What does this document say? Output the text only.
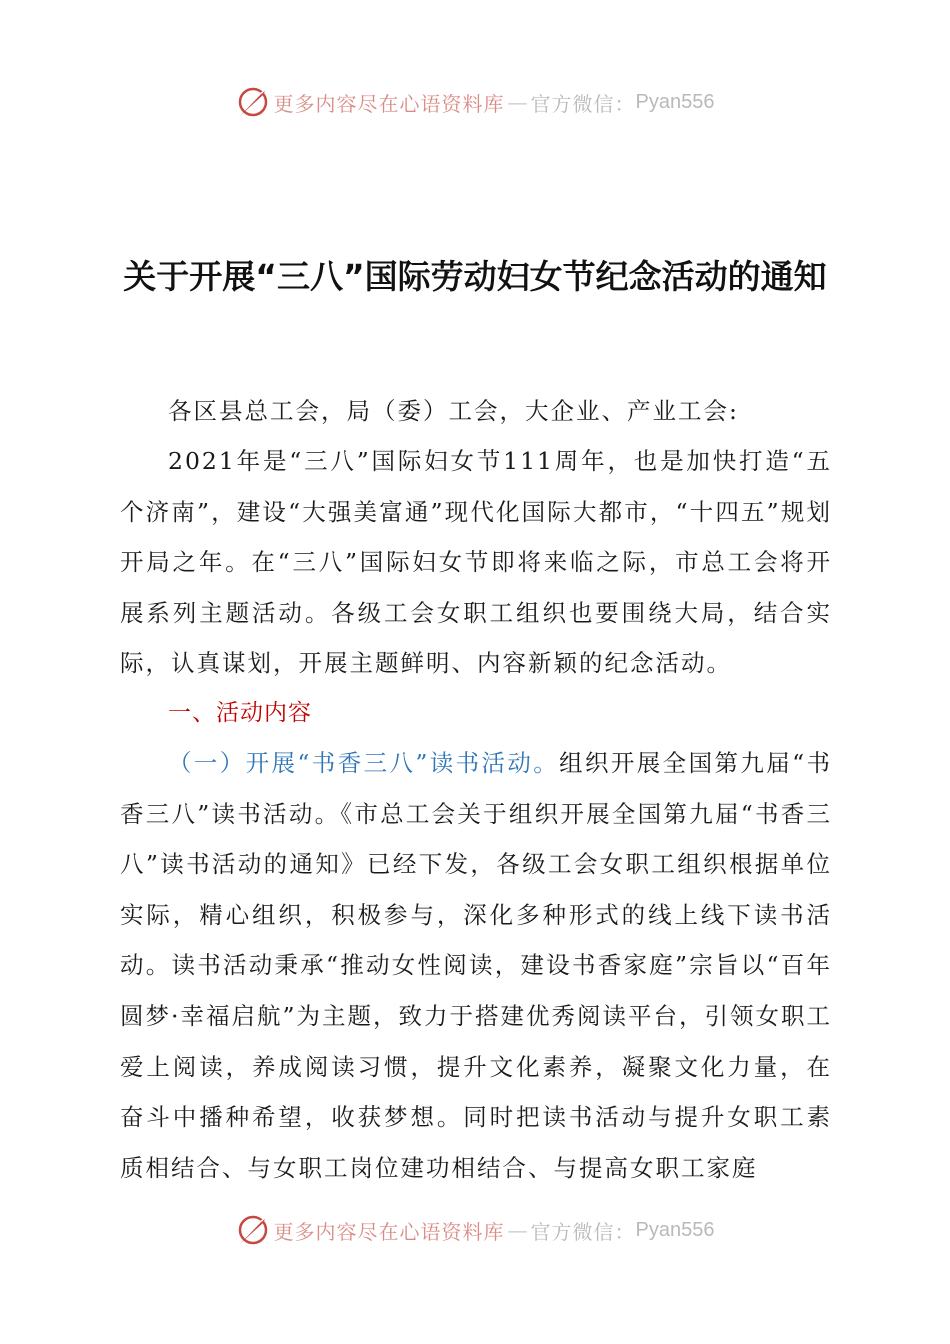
更多内容尽在心语资料库 — 官方微信： Pyan556
关于开展“三八”国际劳动妇女节纪念活动的通知

各区县总工会，局（委）工会，大企业、产业工会:

2021年是“三八”国际妇女节111周年，也是加快打造“五个济南”，建设“大强美富通”现代化国际大都市，“十四五”规划开局之年。在“三八”国际妇女节即将来临之际，市总工会将开展系列主题活动。各级工会女职工组织也要围绕大局，结合实际，认真谋划，开展主题鲜明、内容新颖的纪念活动。

一、活动内容

（一）开展“书香三八”读书活动。组织开展全国第九届“书香三八”读书活动。《市总工会关于组织开展全国第九届“书香三八”读书活动的通知》已经下发，各级工会女职工组织根据单位实际，精心组织，积极参与，深化多种形式的线上线下读书活动。读书活动秉承“推动女性阅读，建设书香家庭”宗旨以“百年圆梦·幸福启航”为主题，致力于搭建优秀阅读平台，引领女职工爱上阅读，养成阅读习惯，提升文化素养，凝聚文化力量，在奋斗中播种希望，收获梦想。同时把读书活动与提升女职工素质相结合、与女职工岗位建功相结合、与提高女职工家庭

更多内容尽在心语资料库 — 官方微信： Pyan556
